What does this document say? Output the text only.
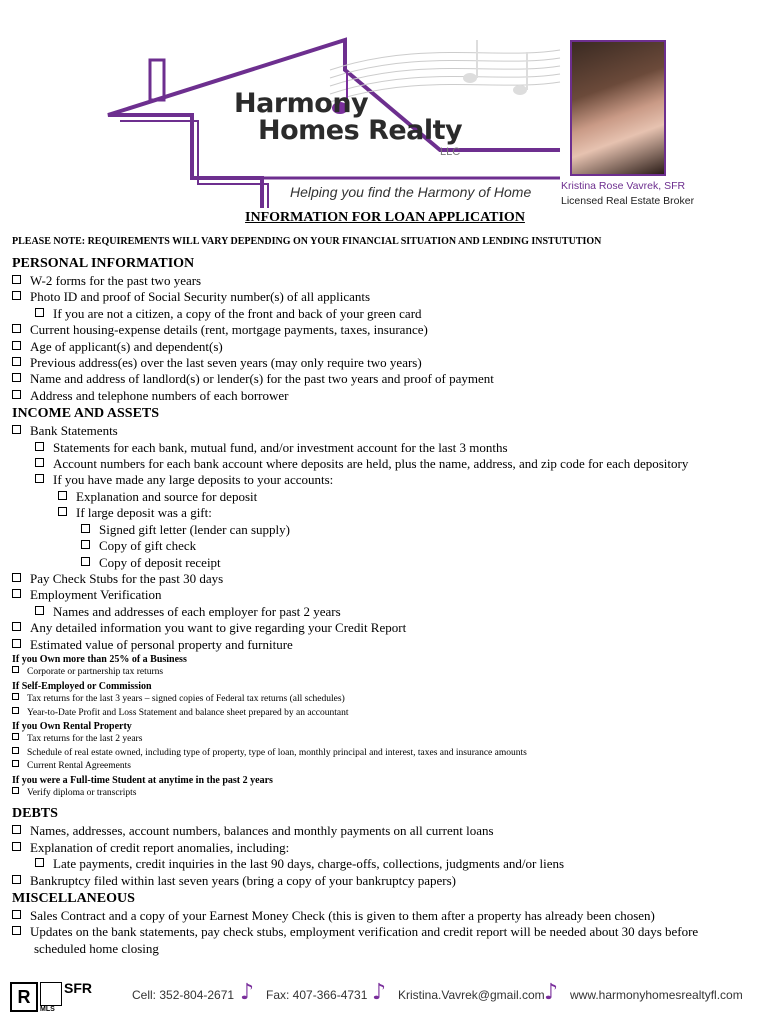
Harmony
Homes Realty
LLC
Helping you find the Harmony of Home	Kristina Rose Vavrek, SFR
Licensed Real Estate Broker
INFORMATION FOR LOAN APPLICATION
PLEASE NOTE: REQUIREMENTS WILL VARY DEPENDING ON YOUR FINANCIAL SITUATION AND LENDING INSTUTUTION
PERSONAL INFORMATION
W-2 forms for the past two years
Photo ID and proof of Social Security number(s) of all applicants
If you are not a citizen, a copy of the front and back of your green card
Current housing-expense details (rent, mortgage payments, taxes, insurance)
Age of applicant(s) and dependent(s)
Previous address(es) over the last seven years (may only require two years)
Name and address of landlord(s) or lender(s) for the past two years and proof of payment
Address and telephone numbers of each borrower
INCOME AND ASSETS
Bank Statements
Statements for each bank, mutual fund, and/or investment account for the last 3 months
Account numbers for each bank account where deposits are held, plus the name, address, and zip code for each depository
If you have made any large deposits to your accounts:
Explanation and source for deposit
If large deposit was a gift:
Signed gift letter (lender can supply)
Copy of gift check
Copy of deposit receipt
Pay Check Stubs for the past 30 days
Employment Verification
Names and addresses of each employer for past 2 years
Any detailed information you want to give regarding your Credit Report
Estimated value of personal property and furniture
If you Own more than 25% of a Business
Corporate or partnership tax returns
If Self-Employed or Commission
Tax returns for the last 3 years – signed copies of Federal tax returns (all schedules)
Year-to-Date Profit and Loss Statement and balance sheet prepared by an accountant
If you Own Rental Property
Tax returns for the last 2 years
Schedule of real estate owned, including type of property, type of loan, monthly principal and interest, taxes and insurance amounts
Current Rental Agreements
If you were a Full-time Student at anytime in the past 2 years
Verify diploma or transcripts
DEBTS
Names, addresses, account numbers, balances and monthly payments on all current loans
Explanation of credit report anomalies, including:
Late payments, credit inquiries in the last 90 days, charge-offs, collections, judgments and/or liens
Bankruptcy filed within last seven years (bring a copy of your bankruptcy papers)
MISCELLANEOUS
Sales Contract and a copy of your Earnest Money Check (this is given to them after a property has already been chosen)
Updates on the bank statements, pay check stubs, employment verification and credit report will be needed about 30 days before
scheduled home closing
R	SFR
MLS
Cell: 352-804-2671 ♪ Fax: 407-366-4731 ♪ Kristina.Vavrek@gmail.com ♪ www.harmonyhomesrealtyfl.com
